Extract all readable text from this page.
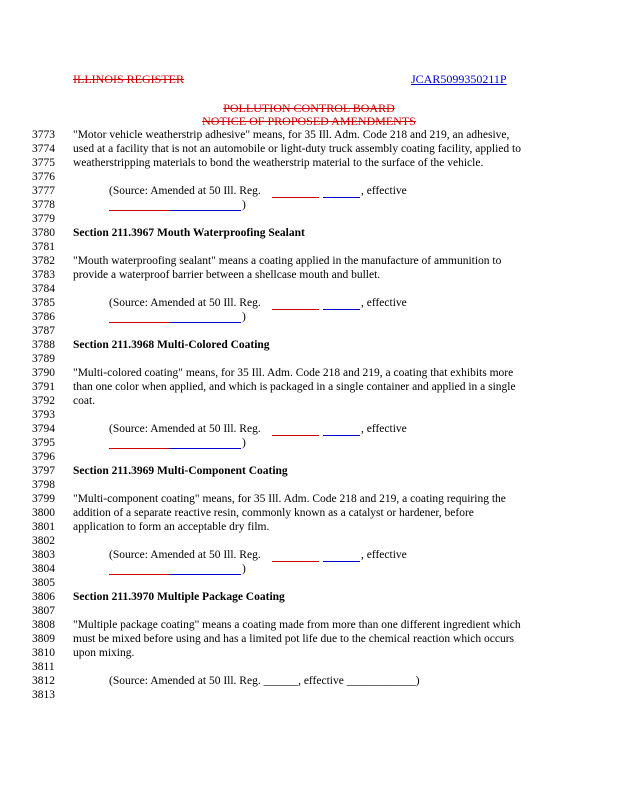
3773	"Motor vehicle weatherstrip adhesive" means, for 35 Ill. Adm. Code 218 and 219, an adhesive,
3774	used at a facility that is not an automobile or light-duty truck assembly coating facility, applied to
3775	weatherstripping materials to bond the weatherstrip material to the surface of the vehicle.
3776
3777	(Source: Amended at 50 Ill. Reg.	, effective
3778	)
3779
3780	Section 211.3967 Mouth Waterproofing Sealant
3781
3782	"Mouth waterproofing sealant" means a coating applied in the manufacture of ammunition to
3783	provide a waterproof barrier between a shellcase mouth and bullet.
3784
3785	(Source: Amended at 50 Ill. Reg.	, effective
3786	)
3787
3788	Section 211.3968 Multi-Colored Coating
3789
3790	"Multi-colored coating" means, for 35 Ill. Adm. Code 218 and 219, a coating that exhibits more
3791	than one color when applied, and which is packaged in a single container and applied in a single
3792	coat.
3793
3794	(Source: Amended at 50 Ill. Reg.	, effective
3795	)
3796
3797	Section 211.3969 Multi-Component Coating
3798
3799	"Multi-component coating" means, for 35 Ill. Adm. Code 218 and 219, a coating requiring the
3800	addition of a separate reactive resin, commonly known as a catalyst or hardener, before
3801	application to form an acceptable dry film.
3802
3803	(Source: Amended at 50 Ill. Reg.	, effective
3804	)
3805
3806	Section 211.3970 Multiple Package Coating
3807
3808	"Multiple package coating" means a coating made from more than one different ingredient which
3809	must be mixed before using and has a limited pot life due to the chemical reaction which occurs
3810	upon mixing.
3811
3812	(Source: Amended at 50 Ill. Reg. ______, effective ____________)
3813
ILLINOIS REGISTER	JCAR5099350211P
POLLUTION CONTROL BOARD
NOTICE OF PROPOSED AMENDMENTS
